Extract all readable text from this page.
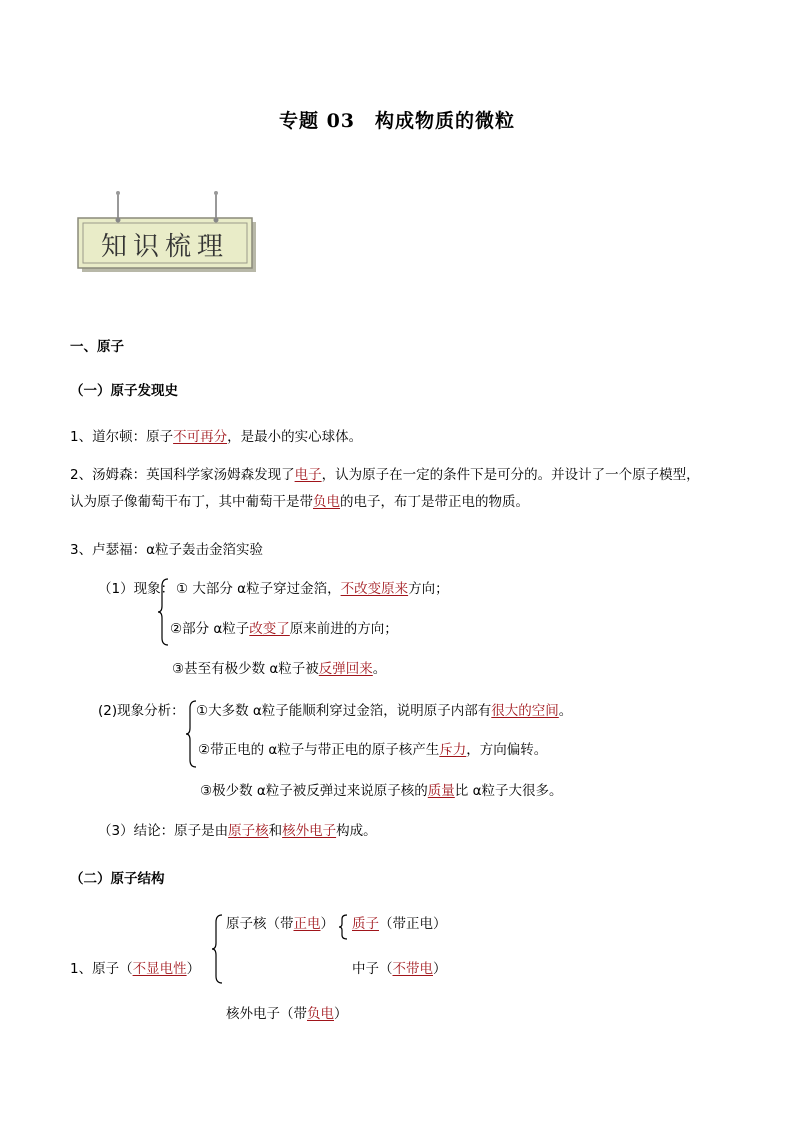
专题 03　构成物质的微粒
知识梳理
一、原子
（一）原子发现史
1、道尔顿：原子不可再分，是最小的实心球体。
2、汤姆森：英国科学家汤姆森发现了电子，认为原子在一定的条件下是可分的。并设计了一个原子模型，
认为原子像葡萄干布丁，其中葡萄干是带负电的电子，布丁是带正电的物质。
3、卢瑟福：α粒子轰击金箔实验
（1）现象： ① 大部分 α粒子穿过金箔，不改变原来方向；
②部分 α粒子改变了原来前进的方向；
③甚至有极少数 α粒子被反弹回来。
(2)现象分析： ①大多数 α粒子能顺利穿过金箔，说明原子内部有很大的空间。
②带正电的 α粒子与带正电的原子核产生斥力，方向偏转。
③极少数 α粒子被反弹过来说原子核的质量比 α粒子大很多。
（3）结论：原子是由原子核和核外电子构成。
（二）原子结构
1、原子（不显电性）
原子核（带正电） 质子（带正电）
中子（不带电）
核外电子（带负电）
